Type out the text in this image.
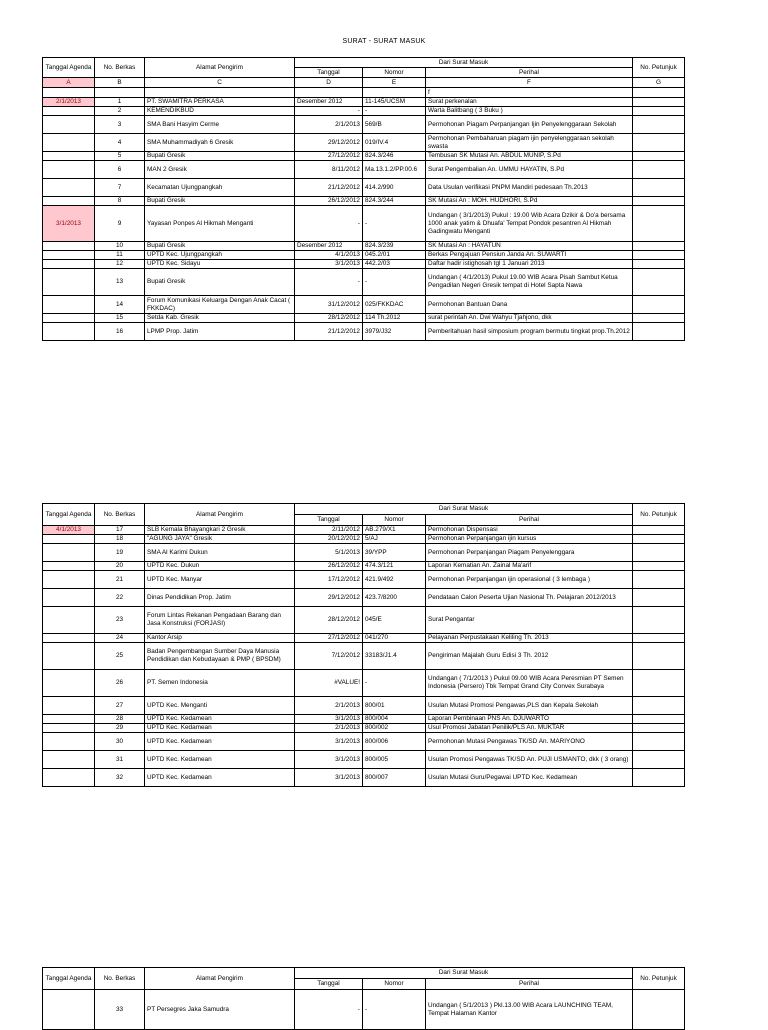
SURAT - SURAT MASUK
Tanggal Agenda	No. Berkas	Alamat Pengirim	Dari Surat Masuk			No. Petunjuk
			Tanggal	Nomor	Perihal	
A	B	C	D	E	F	G
					f	
2/1/2013	1	PT. SWAMITRA PERKASA	Desember 2012	11-145/UCSM	Surat perkenalan	
	2	KEMENDIKBUD	-	-	Warta Balitbang ( 3 Buku )	
	3	SMA Bani Hasyim Cerme	2/1/2013	569/B	Permohonan Piagam Perpanjangan Ijin Penyelenggaraan Sekolah	
	4	SMA Muhammadiyah 6 Gresik	29/12/2012	019/IV.4	Permohonan Pembaharuan piagam ijin penyelenggaraan sekolah swasta	
	5	Bupati Gresik	27/12/2012	824.3/246	Tembusan SK Mutasi An. ABDUL MUNIP, S.Pd	
	6	MAN 2 Gresik	8/11/2012	Ma.13.1.2/PP.00.6	Surat Pengembalian An. UMMU HAYATIN, S.Pd	
	7	Kecamatan Ujungpangkah	21/12/2012	414.2/990	Data Usulan verifikasi PNPM Mandiri pedesaan Th.2013	
	8	Bupati Gresik	26/12/2012	824.3/244	SK Mutasi An : MOH. HUDHORI, S.Pd	
3/1/2013	9	Yayasan Ponpes Al Hikmah Menganti	-	-	Undangan ( 3/1/2013) Pukul : 19.00 Wib Acara Dzikir & Do'a bersama 1000 anak yatim & Dhuafa' Tempat Pondok pesantren Al Hikmah Gadingwatu Menganti	
	10	Bupati Gresik	Desember 2012	824.3/239	SK Mutasi An : HAYATUN	
	11	UPTD Kec. Ujungpangkah	4/1/2013	045.2/01	Berkas Pengajuan Pensiun Janda An. SUWARTI	
	12	UPTD Kec. Sidayu	3/1/2013	442.2/03	Daftar hadir istighosah tgl 1 Januari 2013	
	13	Bupati Gresik	-	-	Undangan ( 4/1/2013) Pukul 19.00 WIB Acara Pisah Sambut Ketua Pengadilan Negeri Gresik tempat di Hotel Sapta Nawa	
	14	Forum Komunikasi Keluarga Dengan Anak Cacat ( FKKDAC)	31/12/2012	025/FKKDAC	Permohonan Bantuan Dana	
	15	Setda Kab. Gresik	28/12/2012	114 Th.2012	surat perintah An. Dwi Wahyu Tjahjono, dkk	
	16	LPMP Prop. Jatim	21/12/2012	3979/J32	Pemberitahuan hasil simposium program bermutu tingkat prop.Th.2012	
Tanggal Agenda	No. Berkas	Alamat Pengirim	Dari Surat Masuk			No. Petunjuk
			Tanggal	Nomor	Perihal	
4/1/2013	17	SLB Kemala Bhayangkari 2 Gresik	2/11/2012	AB.279/X1	Permohonan Dispensasi	
	18	"AGUNG JAYA" Gresik	20/12/2012	5/AJ	Permohonan Perpanjangan ijin kursus	
	19	SMA Al Karimi Dukun	5/1/2013	39/YPP	Permohonan Perpanjangan Piagam Penyelenggara	
	20	UPTD Kec. Dukun	26/12/2012	474.3/121	Laporan Kematian An. Zainal Ma'arif	
	21	UPTD Kec. Manyar	17/12/2012	421.9/492	Permohonan Perpanjangan ijin operasional ( 3 lembaga )	
	22	Dinas Pendidikan Prop. Jatim	29/12/2012	423.7/8200	Pendataan Calon Peserta Ujian Nasional Th. Pelajaran 2012/2013	
	23	Forum Lintas Rekanan Pengadaan Barang dan Jasa Konstruksi (FORJASI)	28/12/2012	045/E	Surat Pengantar	
	24	Kantor Arsip	27/12/2012	041/270	Pelayanan Perpustakaan Keliling Th. 2013	
	25	Badan Pengembangan Sumber Daya Manusia Pendidikan dan Kebudayaan & PMP ( BPSDM)	7/12/2012	33183/J1.4	Pengiriman Majalah Guru Edisi 3 Th. 2012	
	26	PT. Semen Indonesia	#VALUE!	-	Undangan ( 7/1/2013 ) Pukul 09.00 WIB Acara Peresmian PT Semen Indonesia (Persero) Tbk Tempat Grand City Convex Surabaya	
	27	UPTD Kec. Menganti	2/1/2013	800/01	Usulan Mutasi Promosi Pengawas,PLS dan Kepala Sekolah	
	28	UPTD Kec. Kedamean	3/1/2013	800/004	Laporan Pembinaan PNS An. DJUWARTO	
	29	UPTD Kec. Kedamean	2/1/2013	800/002	Usul Promosi Jabatan Penilik/PLS An. MUKTAR	
	30	UPTD Kec. Kedamean	3/1/2013	800/006	Permohonan Mutasi Pengawas TK/SD An. MARIYONO	
	31	UPTD Kec. Kedamean	3/1/2013	800/005	Usulan Promosi Pengawas TK/SD An. PUJI USMANTO, dkk ( 3 orang)	
	32	UPTD Kec. Kedamean	3/1/2013	800/007	Usulan Mutasi Guru/Pegawai UPTD Kec. Kedamean	
Tanggal Agenda	No. Berkas	Alamat Pengirim	Dari Surat Masuk			No. Petunjuk
			Tanggal	Nomor	Perihal	
	33	PT Persegres Jaka Samudra	-	-	Undangan ( 5/1/2013 ) Pkl.13.00 WIB Acara LAUNCHING TEAM, Tempat Halaman Kantor	
